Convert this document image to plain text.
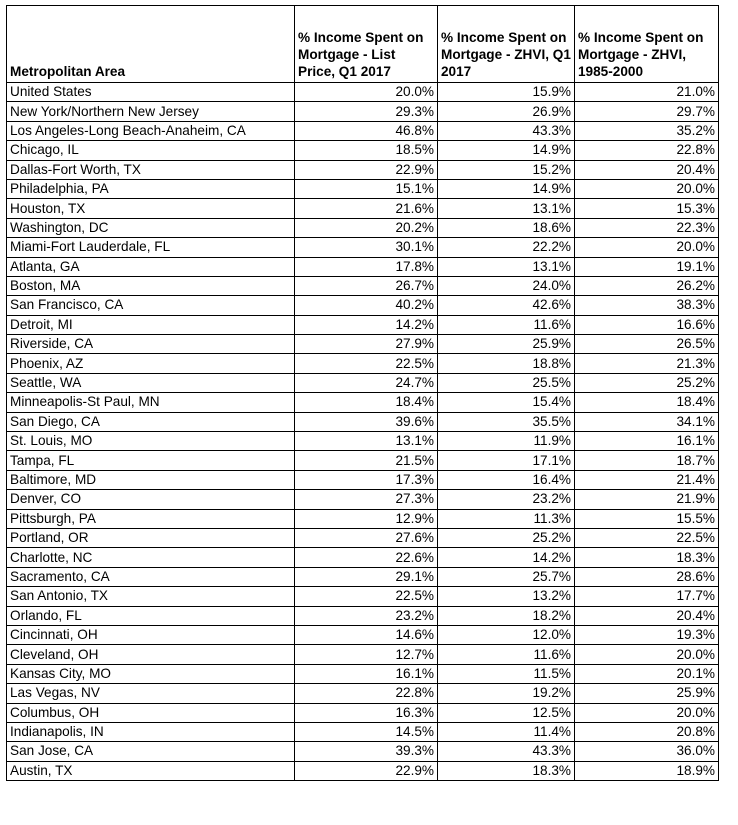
Metropolitan Area	% Income Spent on Mortgage - List Price, Q1 2017	% Income Spent on Mortgage - ZHVI, Q1 2017	% Income Spent on Mortgage - ZHVI, 1985-2000
United States	20.0%	15.9%	21.0%
New York/Northern New Jersey	29.3%	26.9%	29.7%
Los Angeles-Long Beach-Anaheim, CA	46.8%	43.3%	35.2%
Chicago, IL	18.5%	14.9%	22.8%
Dallas-Fort Worth, TX	22.9%	15.2%	20.4%
Philadelphia, PA	15.1%	14.9%	20.0%
Houston, TX	21.6%	13.1%	15.3%
Washington, DC	20.2%	18.6%	22.3%
Miami-Fort Lauderdale, FL	30.1%	22.2%	20.0%
Atlanta, GA	17.8%	13.1%	19.1%
Boston, MA	26.7%	24.0%	26.2%
San Francisco, CA	40.2%	42.6%	38.3%
Detroit, MI	14.2%	11.6%	16.6%
Riverside, CA	27.9%	25.9%	26.5%
Phoenix, AZ	22.5%	18.8%	21.3%
Seattle, WA	24.7%	25.5%	25.2%
Minneapolis-St Paul, MN	18.4%	15.4%	18.4%
San Diego, CA	39.6%	35.5%	34.1%
St. Louis, MO	13.1%	11.9%	16.1%
Tampa, FL	21.5%	17.1%	18.7%
Baltimore, MD	17.3%	16.4%	21.4%
Denver, CO	27.3%	23.2%	21.9%
Pittsburgh, PA	12.9%	11.3%	15.5%
Portland, OR	27.6%	25.2%	22.5%
Charlotte, NC	22.6%	14.2%	18.3%
Sacramento, CA	29.1%	25.7%	28.6%
San Antonio, TX	22.5%	13.2%	17.7%
Orlando, FL	23.2%	18.2%	20.4%
Cincinnati, OH	14.6%	12.0%	19.3%
Cleveland, OH	12.7%	11.6%	20.0%
Kansas City, MO	16.1%	11.5%	20.1%
Las Vegas, NV	22.8%	19.2%	25.9%
Columbus, OH	16.3%	12.5%	20.0%
Indianapolis, IN	14.5%	11.4%	20.8%
San Jose, CA	39.3%	43.3%	36.0%
Austin, TX	22.9%	18.3%	18.9%
